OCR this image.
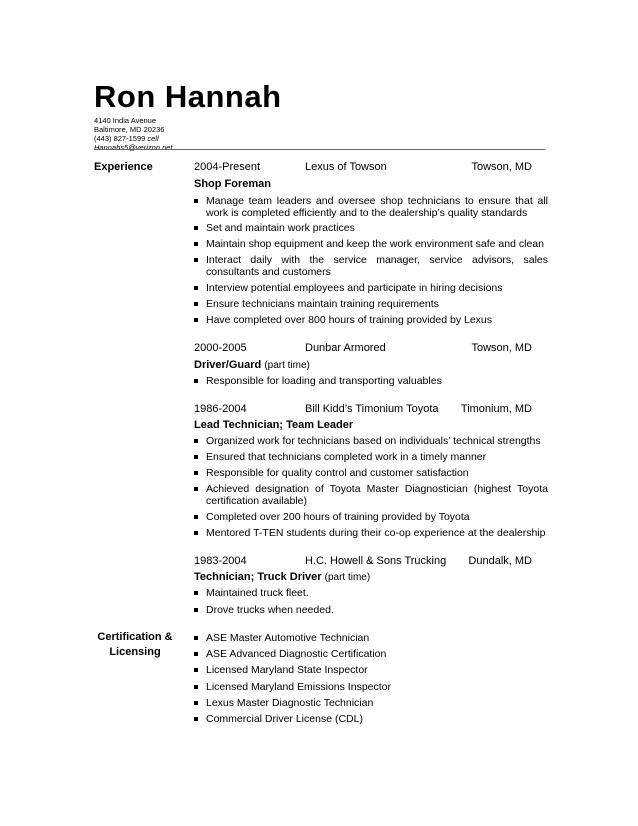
Ron Hannah
4140 India Avenue
Baltimore, MD 20236
(443) 827-1599 cell
Hannahs5@verizon.net
Experience
Certification &
Licensing
2004-Present	Lexus of Towson	Towson, MD
Shop Foreman
Manage team leaders and oversee shop technicians to ensure that all work is completed efficiently and to the dealership’s quality standards
Set and maintain work practices
Maintain shop equipment and keep the work environment safe and clean
Interact daily with the service manager, service advisors, sales consultants and customers
Interview potential employees and participate in hiring decisions
Ensure technicians maintain training requirements
Have completed over 800 hours of training provided by Lexus
2000-2005	Dunbar Armored	Towson, MD
Driver/Guard (part time)
Responsible for loading and transporting valuables
1986-2004	Bill Kidd’s Timonium Toyota Timonium, MD
Lead Technician; Team Leader
Organized work for technicians based on individuals’ technical strengths
Ensured that technicians completed work in a timely manner
Responsible for quality control and customer satisfaction
Achieved designation of Toyota Master Diagnostician (highest Toyota certification available)
Completed over 200 hours of training provided by Toyota
Mentored T-TEN students during their co-op experience at the dealership
1983-2004	H.C. Howell & Sons Trucking Dundalk, MD
Technician; Truck Driver (part time)
Maintained truck fleet.
Drove trucks when needed.
ASE Master Automotive Technician
ASE Advanced Diagnostic Certification
Licensed Maryland State Inspector
Licensed Maryland Emissions Inspector
Lexus Master Diagnostic Technician
Commercial Driver License (CDL)
